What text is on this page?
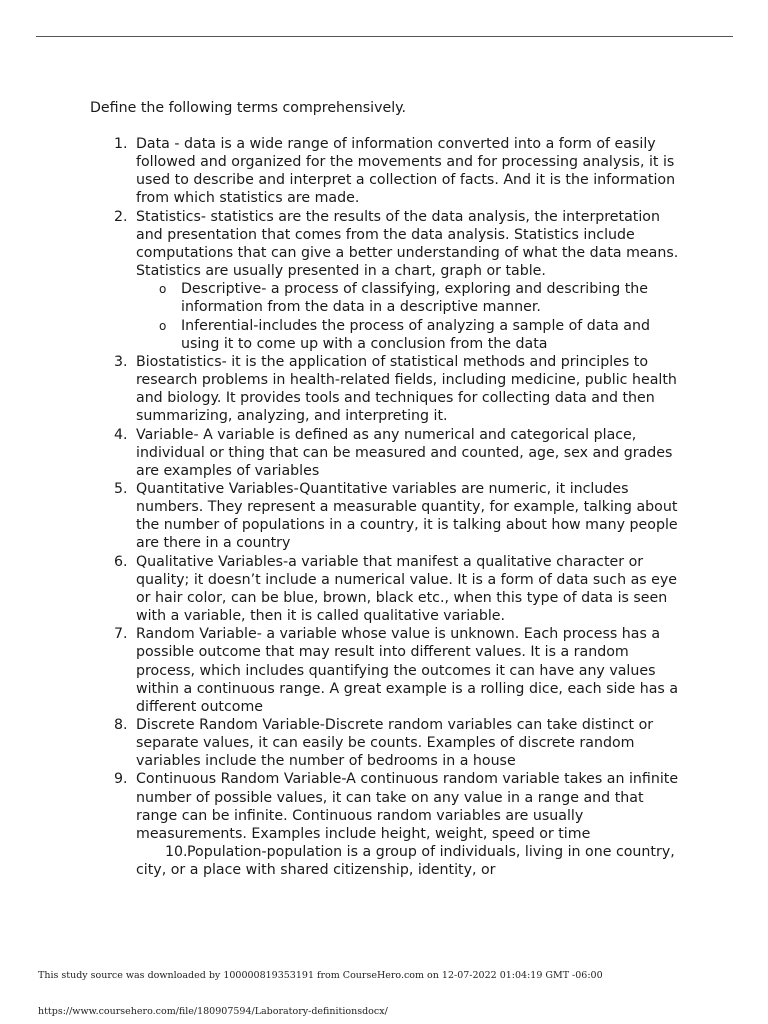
Define the following terms comprehensively.
1. Data - data is a wide range of information converted into a form of easily followed and organized for the movements and for processing analysis, it is used to describe and interpret a collection of facts. And it is the information from which statistics are made.
2. Statistics- statistics are the results of the data analysis, the interpretation and presentation that comes from the data analysis. Statistics include computations that can give a better understanding of what the data means. Statistics are usually presented in a chart, graph or table.
o Descriptive- a process of classifying, exploring and describing the information from the data in a descriptive manner.
o Inferential-includes the process of analyzing a sample of data and using it to come up with a conclusion from the data
3. Biostatistics- it is the application of statistical methods and principles to research problems in health-related fields, including medicine, public health and biology. It provides tools and techniques for collecting data and then summarizing, analyzing, and interpreting it.
4. Variable- A variable is defined as any numerical and categorical place, individual or thing that can be measured and counted, age, sex and grades are examples of variables
5. Quantitative Variables-Quantitative variables are numeric, it includes numbers. They represent a measurable quantity, for example, talking about the number of populations in a country, it is talking about how many people are there in a country
6. Qualitative Variables-a variable that manifest a qualitative character or quality; it doesn’t include a numerical value. It is a form of data such as eye or hair color, can be blue, brown, black etc., when this type of data is seen with a variable, then it is called qualitative variable.
7. Random Variable- a variable whose value is unknown. Each process has a possible outcome that may result into different values. It is a random process, which includes quantifying the outcomes it can have any values within a continuous range. A great example is a rolling dice, each side has a different outcome
8. Discrete Random Variable-Discrete random variables can take distinct or separate values, it can easily be counts. Examples of discrete random variables include the number of bedrooms in a house
9. Continuous Random Variable-A continuous random variable takes an infinite number of possible values, it can take on any value in a range and that range can be infinite. Continuous random variables are usually measurements. Examples include height, weight, speed or time
10. Population-population is a group of individuals, living in one country, city, or a place with shared citizenship, identity, or
This study source was downloaded by 100000819353191 from CourseHero.com on 12-07-2022 01:04:19 GMT -06:00
https://www.coursehero.com/file/180907594/Laboratory-definitionsdocx/
